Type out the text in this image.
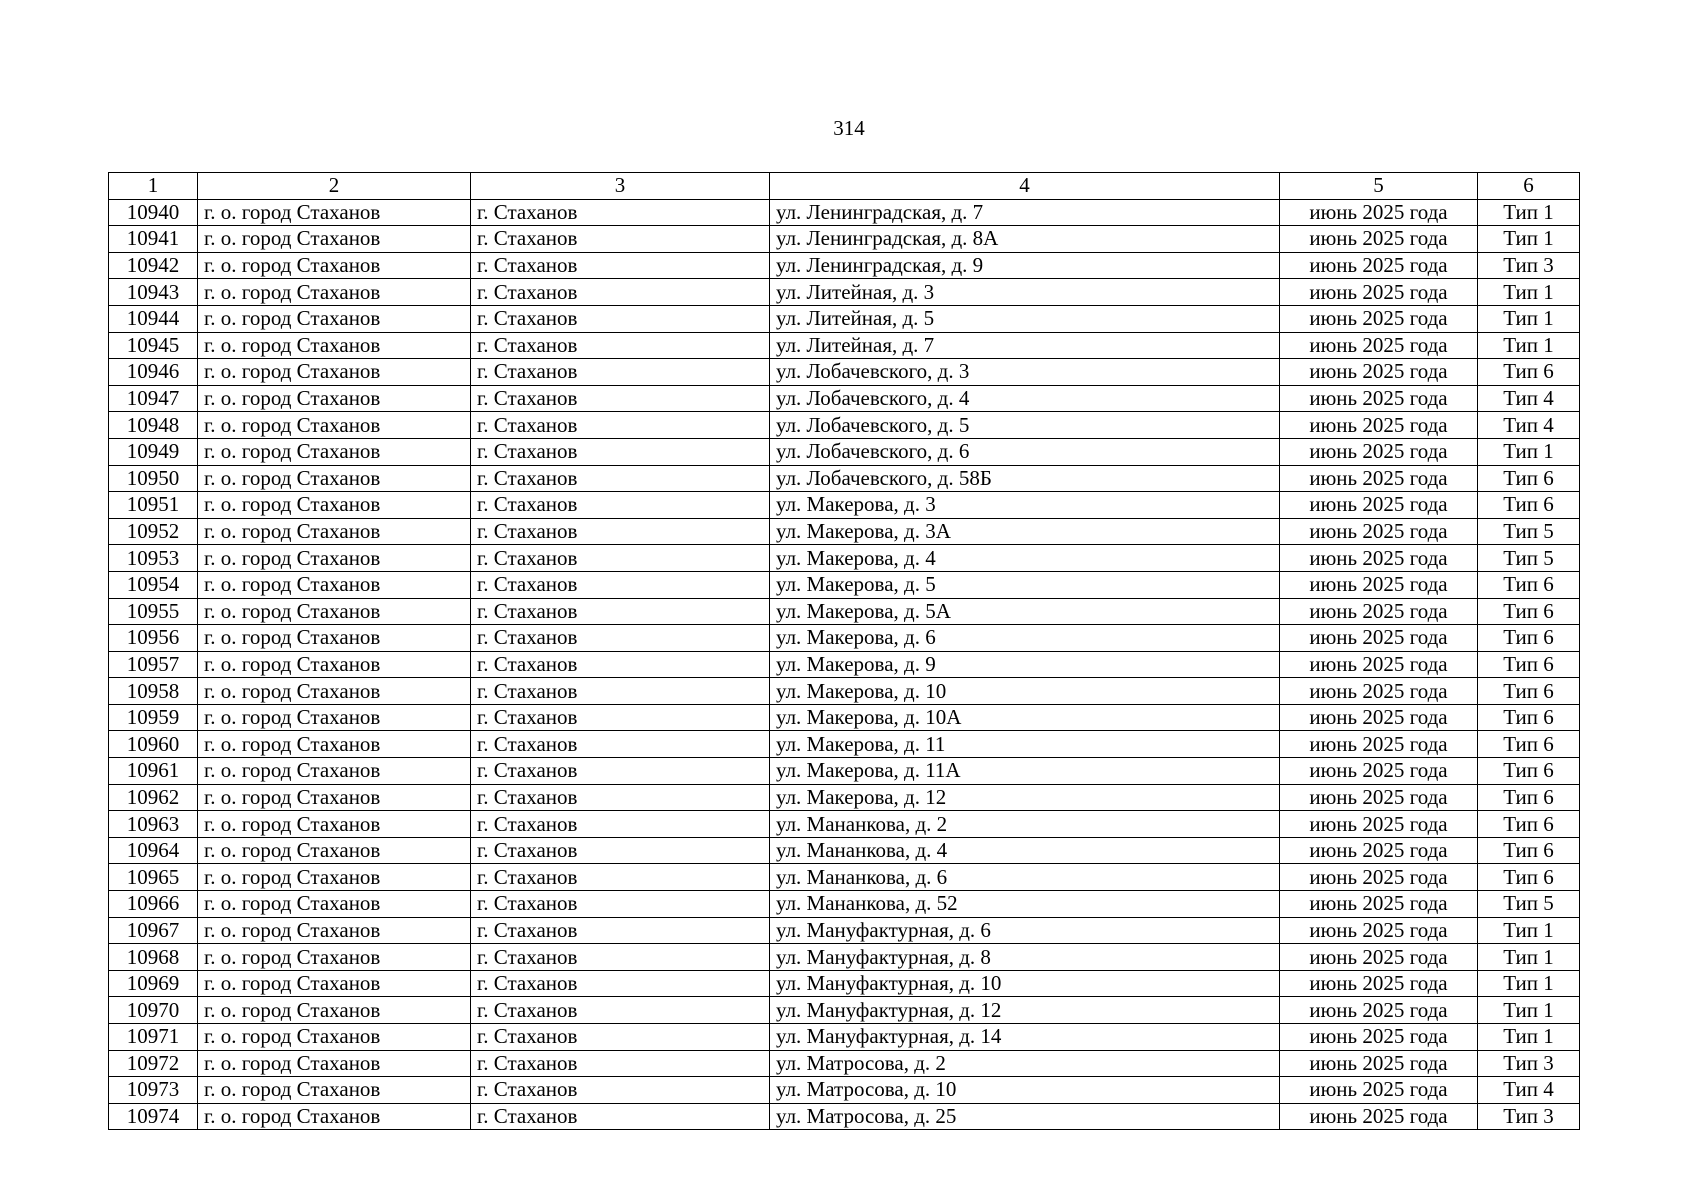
314
1	2	3	4	5	6
10940	г. о. город Стаханов	г. Стаханов	ул. Ленинградская, д. 7	июнь 2025 года	Тип 1
10941	г. о. город Стаханов	г. Стаханов	ул. Ленинградская, д. 8А	июнь 2025 года	Тип 1
10942	г. о. город Стаханов	г. Стаханов	ул. Ленинградская, д. 9	июнь 2025 года	Тип 3
10943	г. о. город Стаханов	г. Стаханов	ул. Литейная, д. 3	июнь 2025 года	Тип 1
10944	г. о. город Стаханов	г. Стаханов	ул. Литейная, д. 5	июнь 2025 года	Тип 1
10945	г. о. город Стаханов	г. Стаханов	ул. Литейная, д. 7	июнь 2025 года	Тип 1
10946	г. о. город Стаханов	г. Стаханов	ул. Лобачевского, д. 3	июнь 2025 года	Тип 6
10947	г. о. город Стаханов	г. Стаханов	ул. Лобачевского, д. 4	июнь 2025 года	Тип 4
10948	г. о. город Стаханов	г. Стаханов	ул. Лобачевского, д. 5	июнь 2025 года	Тип 4
10949	г. о. город Стаханов	г. Стаханов	ул. Лобачевского, д. 6	июнь 2025 года	Тип 1
10950	г. о. город Стаханов	г. Стаханов	ул. Лобачевского, д. 58Б	июнь 2025 года	Тип 6
10951	г. о. город Стаханов	г. Стаханов	ул. Макерова, д. 3	июнь 2025 года	Тип 6
10952	г. о. город Стаханов	г. Стаханов	ул. Макерова, д. 3А	июнь 2025 года	Тип 5
10953	г. о. город Стаханов	г. Стаханов	ул. Макерова, д. 4	июнь 2025 года	Тип 5
10954	г. о. город Стаханов	г. Стаханов	ул. Макерова, д. 5	июнь 2025 года	Тип 6
10955	г. о. город Стаханов	г. Стаханов	ул. Макерова, д. 5А	июнь 2025 года	Тип 6
10956	г. о. город Стаханов	г. Стаханов	ул. Макерова, д. 6	июнь 2025 года	Тип 6
10957	г. о. город Стаханов	г. Стаханов	ул. Макерова, д. 9	июнь 2025 года	Тип 6
10958	г. о. город Стаханов	г. Стаханов	ул. Макерова, д. 10	июнь 2025 года	Тип 6
10959	г. о. город Стаханов	г. Стаханов	ул. Макерова, д. 10А	июнь 2025 года	Тип 6
10960	г. о. город Стаханов	г. Стаханов	ул. Макерова, д. 11	июнь 2025 года	Тип 6
10961	г. о. город Стаханов	г. Стаханов	ул. Макерова, д. 11А	июнь 2025 года	Тип 6
10962	г. о. город Стаханов	г. Стаханов	ул. Макерова, д. 12	июнь 2025 года	Тип 6
10963	г. о. город Стаханов	г. Стаханов	ул. Мананкова, д. 2	июнь 2025 года	Тип 6
10964	г. о. город Стаханов	г. Стаханов	ул. Мананкова, д. 4	июнь 2025 года	Тип 6
10965	г. о. город Стаханов	г. Стаханов	ул. Мананкова, д. 6	июнь 2025 года	Тип 6
10966	г. о. город Стаханов	г. Стаханов	ул. Мананкова, д. 52	июнь 2025 года	Тип 5
10967	г. о. город Стаханов	г. Стаханов	ул. Мануфактурная, д. 6	июнь 2025 года	Тип 1
10968	г. о. город Стаханов	г. Стаханов	ул. Мануфактурная, д. 8	июнь 2025 года	Тип 1
10969	г. о. город Стаханов	г. Стаханов	ул. Мануфактурная, д. 10	июнь 2025 года	Тип 1
10970	г. о. город Стаханов	г. Стаханов	ул. Мануфактурная, д. 12	июнь 2025 года	Тип 1
10971	г. о. город Стаханов	г. Стаханов	ул. Мануфактурная, д. 14	июнь 2025 года	Тип 1
10972	г. о. город Стаханов	г. Стаханов	ул. Матросова, д. 2	июнь 2025 года	Тип 3
10973	г. о. город Стаханов	г. Стаханов	ул. Матросова, д. 10	июнь 2025 года	Тип 4
10974	г. о. город Стаханов	г. Стаханов	ул. Матросова, д. 25	июнь 2025 года	Тип 3
